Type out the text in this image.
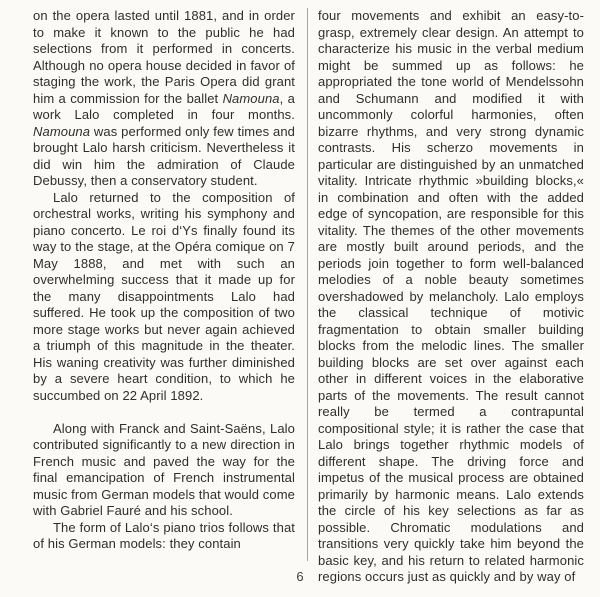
on the opera lasted until 1881, and in order to make it known to the public he had selections from it performed in concerts. Although no opera house decided in favor of staging the work, the Paris Opera did grant him a commission for the ballet Namouna, a work Lalo completed in four months. Namouna was performed only few times and brought Lalo harsh criticism. Nevertheless it did win him the admiration of Claude Debussy, then a conservatory student.

Lalo returned to the composition of orchestral works, writing his symphony and piano concerto. Le roi d‘Ys finally found its way to the stage, at the Opéra comique on 7 May 1888, and met with such an overwhelming success that it made up for the many disappointments Lalo had suffered. He took up the composition of two more stage works but never again achieved a triumph of this magnitude in the theater. His waning creativity was further diminished by a severe heart condition, to which he succumbed on 22 April 1892.

Along with Franck and Saint-Saëns, Lalo contributed significantly to a new direction in French music and paved the way for the final emancipation of French instrumental music from German models that would come with Gabriel Fauré and his school.

The form of Lalo‘s piano trios follows that of his German models: they contain

four movements and exhibit an easy-to-grasp, extremely clear design. An attempt to characterize his music in the verbal medium might be summed up as follows: he appropriated the tone world of Mendelssohn and Schumann and modified it with uncommonly colorful harmonies, often bizarre rhythms, and very strong dynamic contrasts. His scherzo movements in particular are distinguished by an unmatched vitality. Intricate rhythmic »building blocks,« in combination and often with the added edge of syncopation, are responsible for this vitality. The themes of the other movements are mostly built around periods, and the periods join together to form well-balanced melodies of a noble beauty sometimes overshadowed by melancholy. Lalo employs the classical technique of motivic fragmentation to obtain smaller building blocks from the melodic lines. The smaller building blocks are set over against each other in different voices in the elaborative parts of the movements. The result cannot really be termed a contrapuntal compositional style; it is rather the case that Lalo brings together rhythmic models of different shape. The driving force and impetus of the musical process are obtained primarily by harmonic means. Lalo extends the circle of his key selections as far as possible. Chromatic modulations and transitions very quickly take him beyond the basic key, and his return to related harmonic regions occurs just as quickly and by way of

6
